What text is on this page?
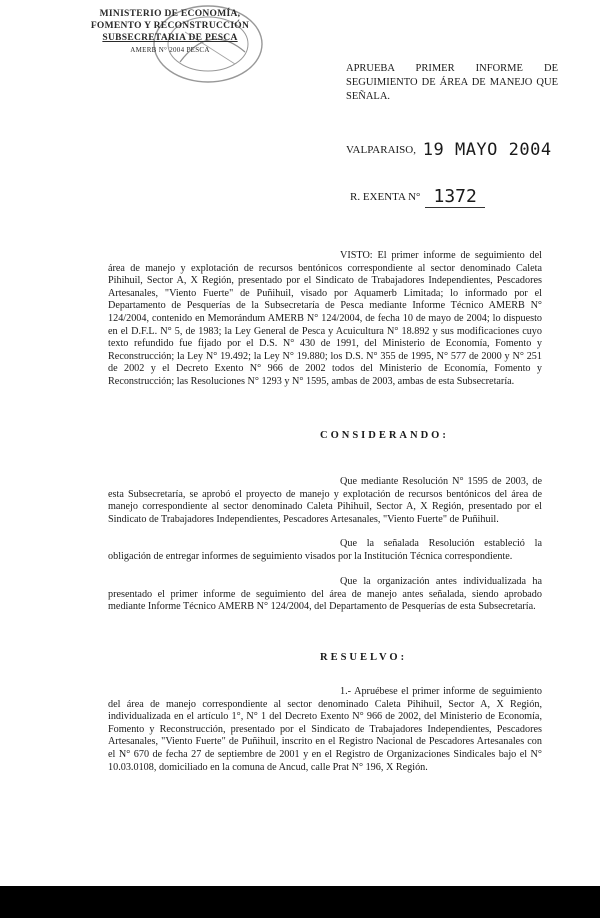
MINISTERIO DE ECONOMÍA,
FOMENTO Y RECONSTRUCCIÓN
SUBSECRETARIA DE PESCA
AMERB N° 2004 PESCA
APRUEBA PRIMER INFORME DE SEGUIMIENTO DE ÁREA DE MANEJO QUE SEÑALA.
VALPARAISO, 19 MAYO 2004
R. EXENTA N° 1372
VISTO: El primer informe de seguimiento del área de manejo y explotación de recursos bentónicos correspondiente al sector denominado Caleta Pihihuil, Sector A, X Región, presentado por el Sindicato de Trabajadores Independientes, Pescadores Artesanales, "Viento Fuerte" de Puñihuil, visado por Aquamerb Limitada; lo informado por el Departamento de Pesquerías de la Subsecretaría de Pesca mediante Informe Técnico AMERB N° 124/2004, contenido en Memorándum AMERB N° 124/2004, de fecha 10 de mayo de 2004; lo dispuesto en el D.F.L. N° 5, de 1983; la Ley General de Pesca y Acuicultura N° 18.892 y sus modificaciones cuyo texto refundido fue fijado por el D.S. N° 430 de 1991, del Ministerio de Economía, Fomento y Reconstrucción; la Ley N° 19.492; la Ley N° 19.880; los D.S. N° 355 de 1995, N° 577 de 2000 y N° 251 de 2002 y el Decreto Exento N° 966 de 2002 todos del Ministerio de Economía, Fomento y Reconstrucción; las Resoluciones N° 1293 y N° 1595, ambas de 2003, ambas de esta Subsecretaría.
CONSIDERANDO:
Que mediante Resolución N° 1595 de 2003, de esta Subsecretaría, se aprobó el proyecto de manejo y explotación de recursos bentónicos del área de manejo correspondiente al sector denominado Caleta Pihihuil, Sector A, X Región, presentado por el Sindicato de Trabajadores Independientes, Pescadores Artesanales, "Viento Fuerte" de Puñihuil.
Que la señalada Resolución estableció la obligación de entregar informes de seguimiento visados por la Institución Técnica correspondiente.
Que la organización antes individualizada ha presentado el primer informe de seguimiento del área de manejo antes señalada, siendo aprobado mediante Informe Técnico AMERB N° 124/2004, del Departamento de Pesquerías de esta Subsecretaría.
RESUELVO:
1.- Apruébese el primer informe de seguimiento del área de manejo correspondiente al sector denominado Caleta Pihihuil, Sector A, X Región, individualizada en el artículo 1°, N° 1 del Decreto Exento N° 966 de 2002, del Ministerio de Economía, Fomento y Reconstrucción, presentado por el Sindicato de Trabajadores Independientes, Pescadores Artesanales, "Viento Fuerte" de Puñihuil, inscrito en el Registro Nacional de Pescadores Artesanales con el N° 670 de fecha 27 de septiembre de 2001 y en el Registro de Organizaciones Sindicales bajo el N° 10.03.0108, domiciliado en la comuna de Ancud, calle Prat N° 196, X Región.
